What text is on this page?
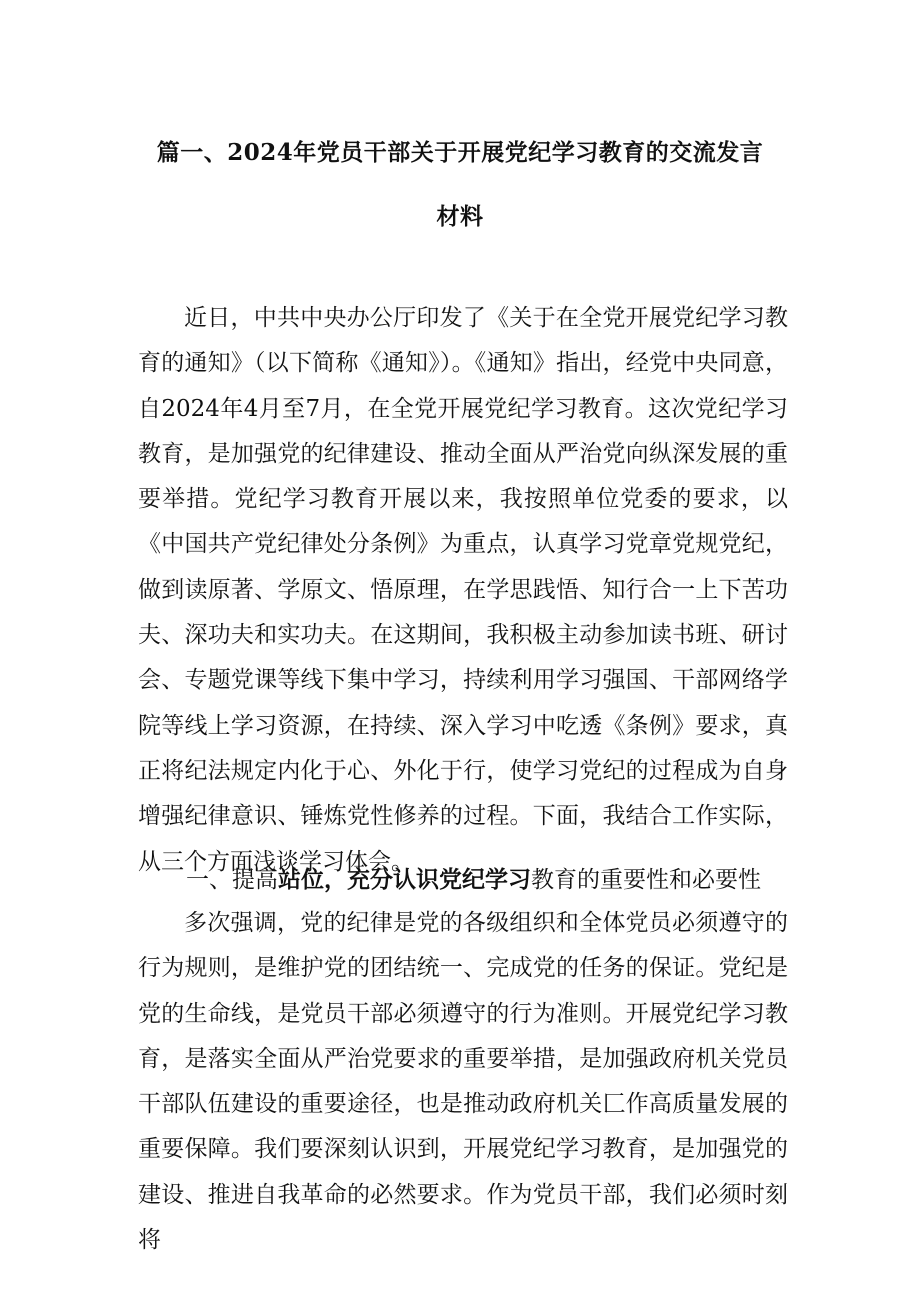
篇一、2024年党员干部关于开展党纪学习教育的交流发言
材料

近日，中共中央办公厅印发了《关于在全党开展党纪学习教育的通知》（以下简称《通知》）。《通知》指出，经党中央同意，自2024年4月至7月，在全党开展党纪学习教育。这次党纪学习教育，是加强党的纪律建设、推动全面从严治党向纵深发展的重要举措。党纪学习教育开展以来，我按照单位党委的要求，以《中国共产党纪律处分条例》为重点，认真学习党章党规党纪，做到读原著、学原文、悟原理，在学思践悟、知行合一上下苦功夫、深功夫和实功夫。在这期间，我积极主动参加读书班、研讨会、专题党课等线下集中学习，持续利用学习强国、干部网络学院等线上学习资源，在持续、深入学习中吃透《条例》要求，真正将纪法规定内化于心、外化于行，使学习党纪的过程成为自身增强纪律意识、锤炼党性修养的过程。下面，我结合工作实际，从三个方面浅谈学习体会。

一、提高站位，充分认识党纪学习教育的重要性和必要性

多次强调，党的纪律是党的各级组织和全体党员必须遵守的行为规则，是维护党的团结统一、完成党的任务的保证。党纪是党的生命线，是党员干部必须遵守的行为准则。开展党纪学习教育，是落实全面从严治党要求的重要举措，是加强政府机关党员干部队伍建设的重要途径，也是推动政府机关匚作高质量发展的重要保障。我们要深刻认识到，开展党纪学习教育，是加强党的建设、推进自我革命的必然要求。作为党员干部，我们必须时刻将
